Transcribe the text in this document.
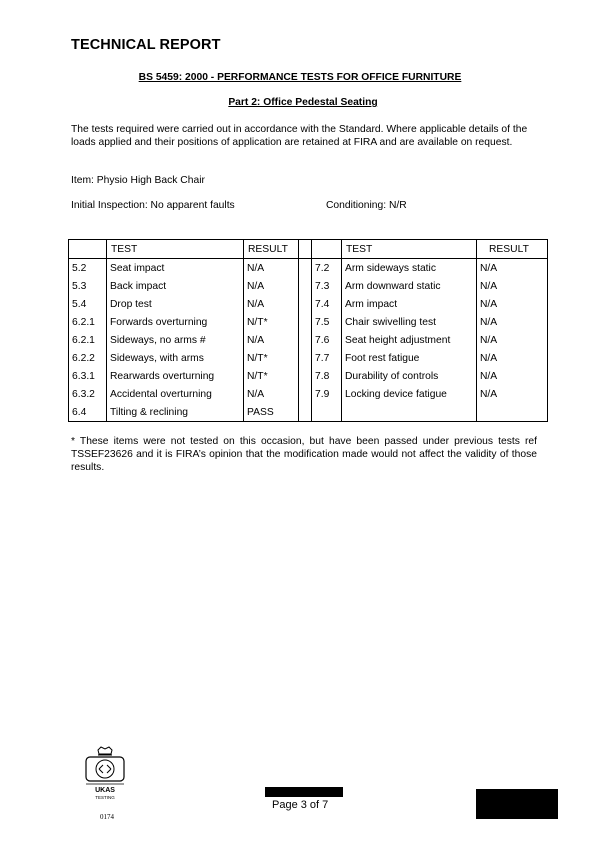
TECHNICAL REPORT
BS 5459: 2000 - PERFORMANCE TESTS FOR OFFICE FURNITURE
Part 2: Office Pedestal Seating
The tests required were carried out in accordance with the Standard. Where applicable details of the loads applied and their positions of application are retained at FIRA and are available on request.
Item: Physio High Back Chair
Initial Inspection: No apparent faults	Conditioning: N/R
	TEST	RESULT			TEST	RESULT
5.2	Seat impact	N/A		7.2	Arm sideways static	N/A
5.3	Back impact	N/A		7.3	Arm downward static	N/A
5.4	Drop test	N/A		7.4	Arm impact	N/A
6.2.1	Forwards overturning	N/T*		7.5	Chair swivelling test	N/A
6.2.1	Sideways, no arms #	N/A		7.6	Seat height adjustment	N/A
6.2.2	Sideways, with arms	N/T*		7.7	Foot rest fatigue	N/A
6.3.1	Rearwards overturning	N/T*		7.8	Durability of controls	N/A
6.3.2	Accidental overturning	N/A		7.9	Locking device fatigue	N/A
6.4	Tilting & reclining	PASS				
* These items were not tested on this occasion, but have been passed under previous tests ref TSSEF23626 and it is FIRA’s opinion that the modification made would not affect the validity of those results.
UKAS
TESTING
0174
Page 3 of 7
